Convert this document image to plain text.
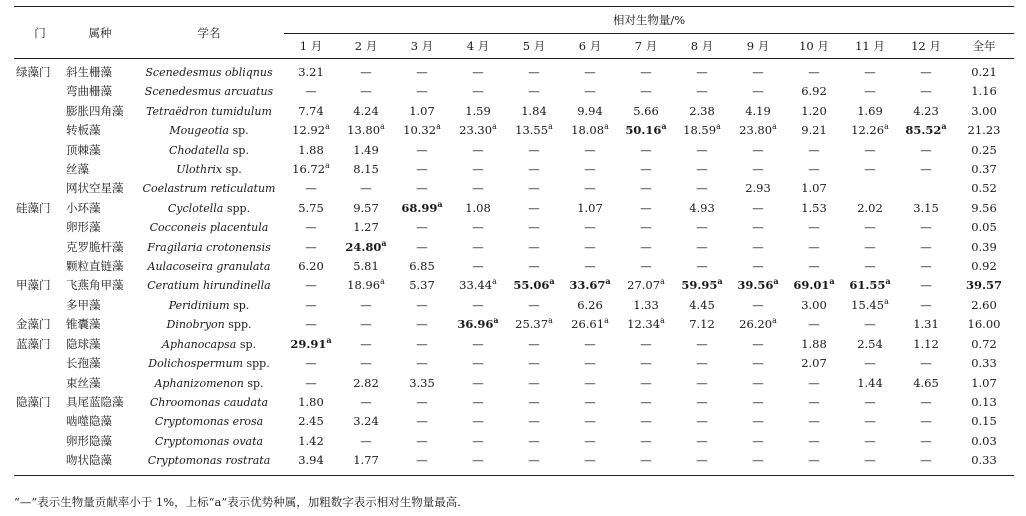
门	属种	学名	相对生物量/%												
			1 月	2 月	3 月	4 月	5 月	6 月	7 月	8 月	9 月	10 月	11 月	12 月	全年
绿藻门	斜生栅藻	Scenedesmus obliqnus	3.21	—	—	—	—	—	—	—	—	—	—	—	0.21
	弯曲栅藻	Scenedesmus arcuatus	—	—	—	—	—	—	—	—	—	6.92	—	—	1.16
	膨胀四角藻	Tetraëdron tumidulum	7.74	4.24	1.07	1.59	1.84	9.94	5.66	2.38	4.19	1.20	1.69	4.23	3.00
	转板藻	Mougeotia sp.	12.92$^a$	13.80$^a$	10.32$^a$	23.30$^a$	13.55$^a$	18.08$^a$	50.16$^a$	18.59$^a$	23.80$^a$	9.21	12.26$^a$	85.52$^a$	21.23
	顶棘藻	Chodatella sp.	1.88	1.49	—	—	—	—	—	—	—	—	—	—	0.25
	丝藻	Ulothrix sp.	16.72$^a$	8.15	—	—	—	—	—	—	—	—	—	—	0.37
	网状空星藻	Coelastrum reticulatum	—	—	—	—	—	—	—	—	2.93	1.07			0.52
硅藻门	小环藻	Cyclotella spp.	5.75	9.57	68.99$^a$	1.08	—	1.07	—	4.93	—	1.53	2.02	3.15	9.56
	卵形藻	Cocconeis placentula	—	1.27	—	—	—	—	—	—	—	—	—	—	0.05
	克罗脆杆藻	Fragilaria crotonensis	—	24.80$^a$	—	—	—	—	—	—	—	—	—	—	0.39
	颗粒直链藻	Aulacoseira granulata	6.20	5.81	6.85	—	—	—	—	—	—	—	—	—	0.92
甲藻门	飞燕角甲藻	Ceratium hirundinella	—	18.96$^a$	5.37	33.44$^a$	55.06$^a$	33.67$^a$	27.07$^a$	59.95$^a$	39.56$^a$	69.01$^a$	61.55$^a$	—	39.57
	多甲藻	Peridinium sp.	—	—	—	—	—	6.26	1.33	4.45	—	3.00	15.45$^a$	—	2.60
金藻门	锥囊藻	Dinobryon spp.	—	—	—	36.96$^a$	25.37$^a$	26.61$^a$	12.34$^a$	7.12	26.20$^a$	—	—	1.31	16.00
蓝藻门	隐球藻	Aphanocapsa sp.	29.91$^a$	—	—	—	—	—	—	—	—	1.88	2.54	1.12	0.72
	长孢藻	Dolichospermum spp.	—	—	—	—	—	—	—	—	—	2.07	—	—	0.33
	束丝藻	Aphanizomenon sp.	—	2.82	3.35	—	—	—	—	—	—	—	1.44	4.65	1.07
隐藻门	具尾蓝隐藻	Chroomonas caudata	1.80	—	—	—	—	—	—	—	—	—	—	—	0.13
	啮噬隐藻	Cryptomonas erosa	2.45	3.24	—	—	—	—	—	—	—	—	—	—	0.15
	卵形隐藻	Cryptomonas ovata	1.42	—	—	—	—	—	—	—	—	—	—	—	0.03
	吻状隐藻	Cryptomonas rostrata	3.94	1.77	—	—	—	—	—	—	—	—	—	—	0.33
“—”表示生物量贡献率小于 1%，上标“a”表示优势种属，加粗数字表示相对生物量最高.
